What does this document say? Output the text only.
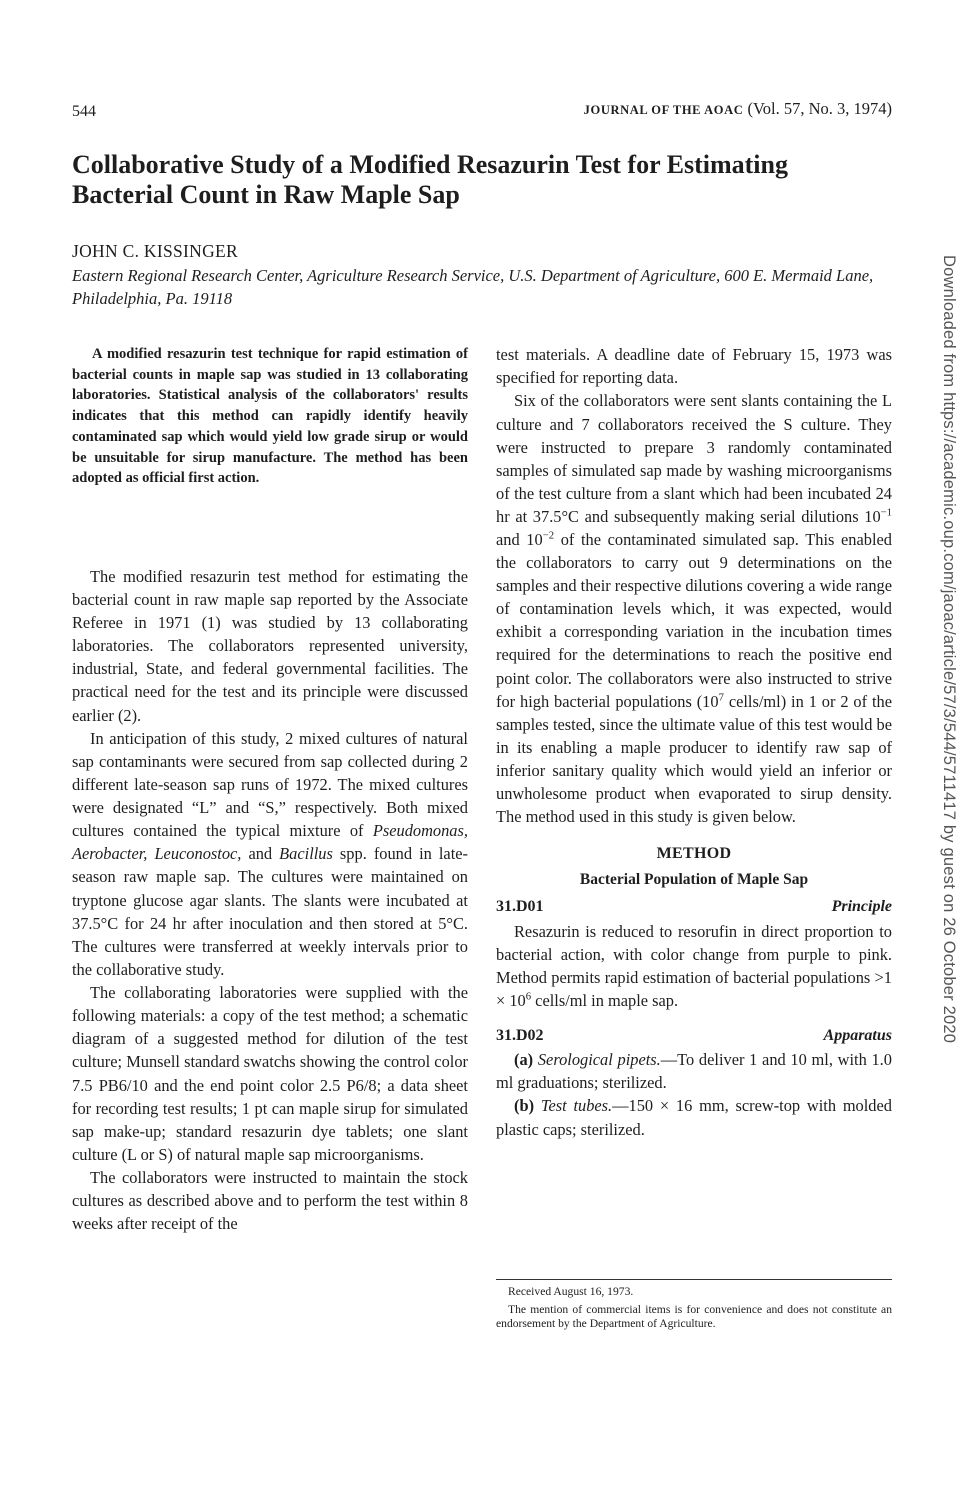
544	JOURNAL OF THE AOAC (Vol. 57, No. 3, 1974)
Collaborative Study of a Modified Resazurin Test for Estimating Bacterial Count in Raw Maple Sap
JOHN C. KISSINGER
Eastern Regional Research Center, Agriculture Research Service, U.S. Department of Agriculture, 600 E. Mermaid Lane, Philadelphia, Pa. 19118

A modified resazurin test technique for rapid estimation of bacterial counts in maple sap was studied in 13 collaborating laboratories. Statistical analysis of the collaborators' results indicates that this method can rapidly identify heavily contaminated sap which would yield low grade sirup or would be unsuitable for sirup manufacture. The method has been adopted as official first action.

The modified resazurin test method for estimating the bacterial count in raw maple sap reported by the Associate Referee in 1971 (1) was studied by 13 collaborating laboratories. The collaborators represented university, industrial, State, and federal governmental facilities. The practical need for the test and its principle were discussed earlier (2).

In anticipation of this study, 2 mixed cultures of natural sap contaminants were secured from sap collected during 2 different late-season sap runs of 1972. The mixed cultures were designated “L” and “S,” respectively. Both mixed cultures contained the typical mixture of Pseudomonas, Aerobacter, Leuconostoc, and Bacillus spp. found in late-season raw maple sap. The cultures were maintained on tryptone glucose agar slants. The slants were incubated at 37.5°C for 24 hr after inoculation and then stored at 5°C. The cultures were transferred at weekly intervals prior to the collaborative study.

The collaborating laboratories were supplied with the following materials: a copy of the test method; a schematic diagram of a suggested method for dilution of the test culture; Munsell standard swatchs showing the control color 7.5 PB6/10 and the end point color 2.5 P6/8; a data sheet for recording test results; 1 pt can maple sirup for simulated sap make-up; standard resazurin dye tablets; one slant culture (L or S) of natural maple sap microorganisms.

The collaborators were instructed to maintain the stock cultures as described above and to perform the test within 8 weeks after receipt of the

test materials. A deadline date of February 15, 1973 was specified for reporting data.

Six of the collaborators were sent slants containing the L culture and 7 collaborators received the S culture. They were instructed to prepare 3 randomly contaminated samples of simulated sap made by washing microorganisms of the test culture from a slant which had been incubated 24 hr at 37.5°C and subsequently making serial dilutions $10^{-1}$ and $10^{-2}$ of the contaminated simulated sap. This enabled the collaborators to carry out 9 determinations on the samples and their respective dilutions covering a wide range of contamination levels which, it was expected, would exhibit a corresponding variation in the incubation times required for the determinations to reach the positive end point color. The collaborators were also instructed to strive for high bacterial populations ($10^7$ cells/ml) in 1 or 2 of the samples tested, since the ultimate value of this test would be in its enabling a maple producer to identify raw sap of inferior sanitary quality which would yield an inferior or unwholesome product when evaporated to sirup density. The method used in this study is given below.

METHOD
Bacterial Population of Maple Sap
31.D01	Principle

Resazurin is reduced to resorufin in direct proportion to bacterial action, with color change from purple to pink. Method permits rapid estimation of bacterial populations $>1 \times 10^6$ cells/ml in maple sap.

31.D02	Apparatus

(a) Serological pipets.—To deliver 1 and 10 ml, with 1.0 ml graduations; sterilized.

(b) Test tubes.—150 × 16 mm, screw-top with molded plastic caps; sterilized.

Received August 16, 1973.

The mention of commercial items is for convenience and does not constitute an endorsement by the Department of Agriculture.

Downloaded from https://academic.oup.com/jaoac/article/57/3/544/5711417 by guest on 26 October 2020
